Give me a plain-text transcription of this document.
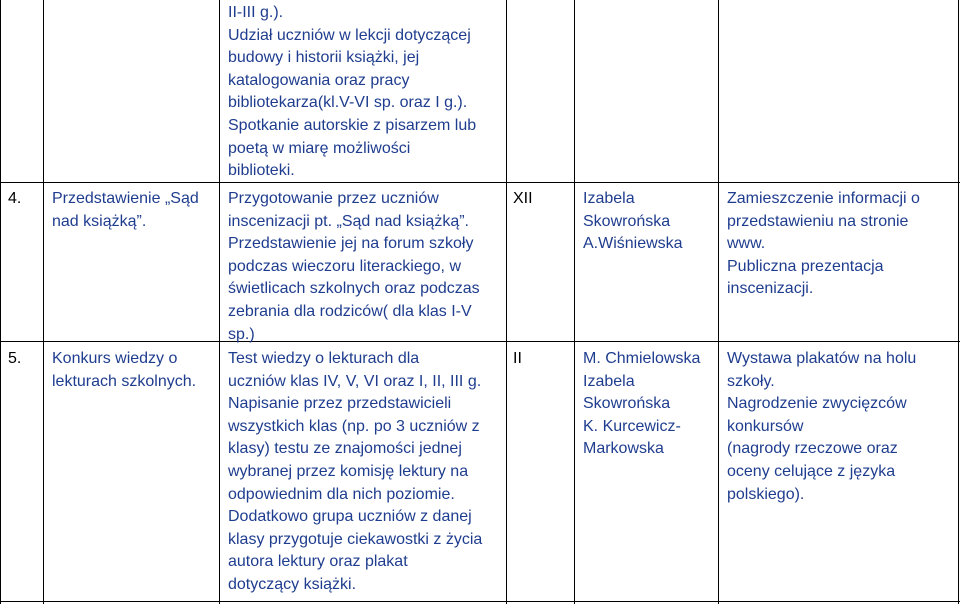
II-III g.).
Udział uczniów w lekcji dotyczącej
budowy i historii książki, jej
katalogowania oraz pracy
bibliotekarza(kl.V-VI sp. oraz I g.).
Spotkanie autorskie z pisarzem lub
poetą w miarę możliwości
biblioteki.
4. Przedstawienie „Sąd
nad książką”.
Przygotowanie przez uczniów
inscenizacji pt. „Sąd nad książką”.
Przedstawienie jej na forum szkoły
podczas wieczoru literackiego, w
świetlicach szkolnych oraz podczas
zebrania dla rodziców( dla klas I-V
sp.)
XII	Izabela
Skowrońska
A.Wiśniewska
Zamieszczenie informacji o
przedstawieniu na stronie
www.
Publiczna prezentacja
inscenizacji.
5. Konkurs wiedzy o
lekturach szkolnych.
Test wiedzy o lekturach dla
uczniów klas IV, V, VI oraz I, II, III g.
Napisanie przez przedstawicieli
wszystkich klas (np. po 3 uczniów z
klasy) testu ze znajomości jednej
wybranej przez komisję lektury na
odpowiednim dla nich poziomie.
Dodatkowo grupa uczniów z danej
klasy przygotuje ciekawostki z życia
autora lektury oraz plakat
dotyczący książki.
II	M. Chmielowska
Izabela
Skowrońska
K. Kurcewicz-
Markowska
Wystawa plakatów na holu
szkoły.
Nagrodzenie zwycięzców
konkursów
(nagrody rzeczowe oraz
oceny celujące z języka
polskiego).
